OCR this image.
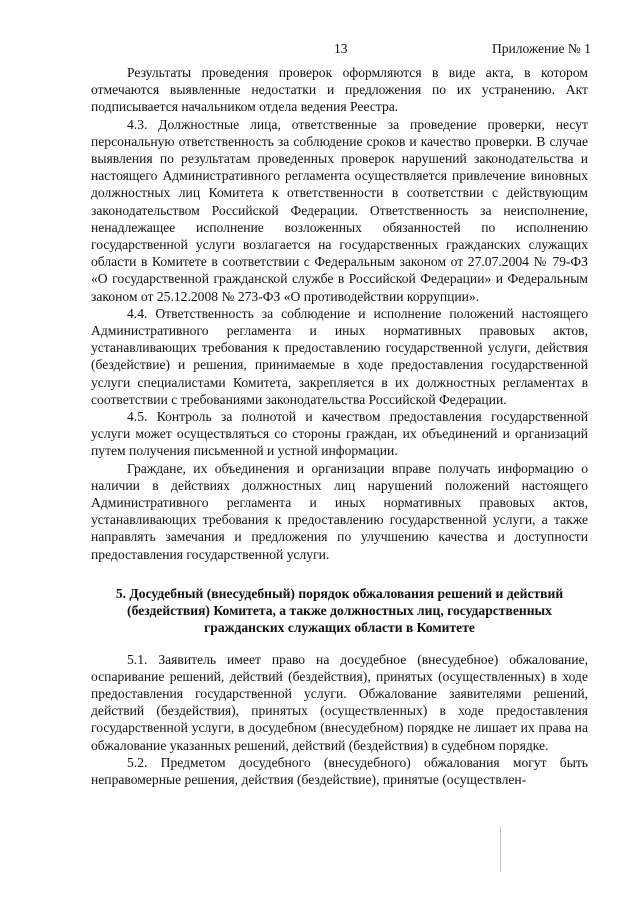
13	Приложение № 1

Результаты проведения проверок оформляются в виде акта, в котором отмечаются выявленные недостатки и предложения по их устранению. Акт подписывается начальником отдела ведения Реестра.

4.3. Должностные лица, ответственные за проведение проверки, несут персональную ответственность за соблюдение сроков и качество проверки. В случае выявления по результатам проведенных проверок нарушений законодательства и настоящего Административного регламента осуществляется привлечение виновных должностных лиц Комитета к ответственности в соответствии с действующим законодательством Российской Федерации. Ответственность за неисполнение, ненадлежащее исполнение возложенных обязанностей по исполнению государственной услуги возлагается на государственных гражданских служащих области в Комитете в соответствии с Федеральным законом от 27.07.2004 № 79-ФЗ «О государственной гражданской службе в Российской Федерации» и Федеральным законом от 25.12.2008 № 273-ФЗ «О противодействии коррупции».

4.4. Ответственность за соблюдение и исполнение положений настоящего Административного регламента и иных нормативных правовых актов, устанавливающих требования к предоставлению государственной услуги, действия (бездействие) и решения, принимаемые в ходе предоставления государственной услуги специалистами Комитета, закрепляется в их должностных регламентах в соответствии с требованиями законодательства Российской Федерации.

4.5. Контроль за полнотой и качеством предоставления государственной услуги может осуществляться со стороны граждан, их объединений и организаций путем получения письменной и устной информации.

Граждане, их объединения и организации вправе получать информацию о наличии в действиях должностных лиц нарушений положений настоящего Административного регламента и иных нормативных правовых актов, устанавливающих требования к предоставлению государственной услуги, а также направлять замечания и предложения по улучшению качества и доступности предоставления государственной услуги.

5. Досудебный (внесудебный) порядок обжалования решений и действий (бездействия) Комитета, а также должностных лиц, государственных гражданских служащих области в Комитете

5.1. Заявитель имеет право на досудебное (внесудебное) обжалование, оспаривание решений, действий (бездействия), принятых (осуществленных) в ходе предоставления государственной услуги. Обжалование заявителями решений, действий (бездействия), принятых (осуществленных) в ходе предоставления государственной услуги, в досудебном (внесудебном) порядке не лишает их права на обжалование указанных решений, действий (бездействия) в судебном порядке.

5.2. Предметом досудебного (внесудебного) обжалования могут быть неправомерные решения, действия (бездействие), принятые (осуществлен-
